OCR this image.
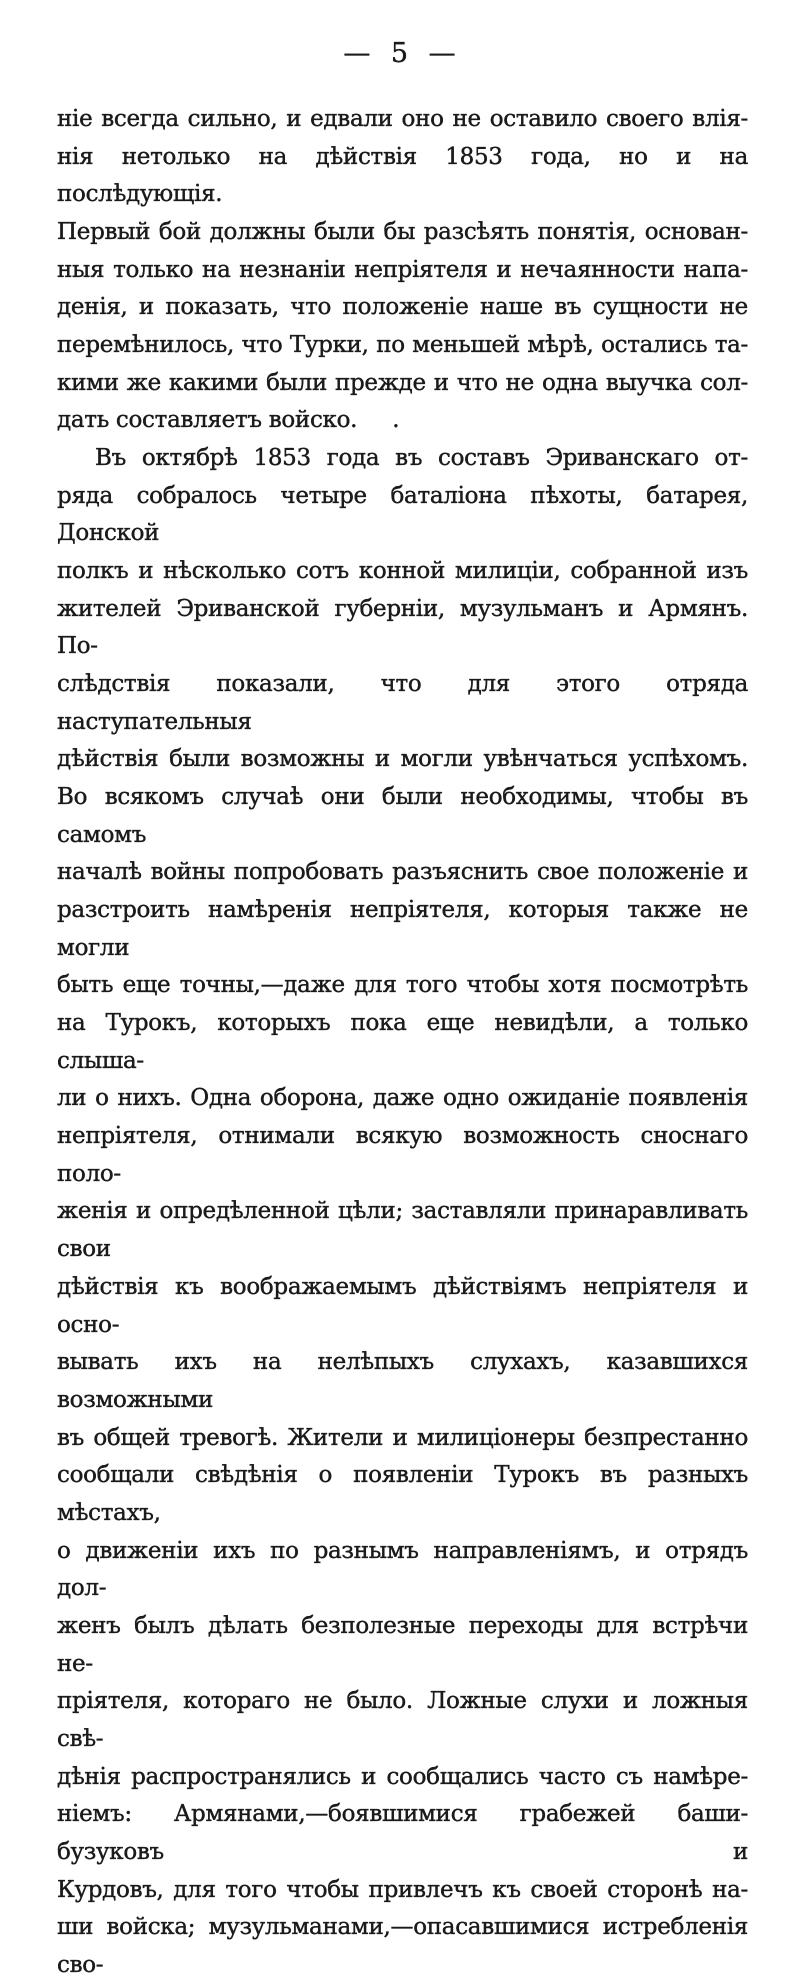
— 5 —
ніе всегда сильно, и едвали оно не оставило своего влія-
нія нетолько на дѣйствія 1853 года, но и на послѣдующія.
Первый бой должны были бы разсѣять понятія, основан-
ныя только на незнаніи непріятеля и нечаянности напа-
денія, и показать, что положеніе наше въ сущности не
перемѣнилось, что Турки, по меньшей мѣрѣ, остались та-
кими же какими были прежде и что не одна выучка сол-
дать составляетъ войско.     .
Въ октябрѣ 1853 года въ составъ Эриванскаго от-
ряда собралось четыре баталіона пѣхоты, батарея, Донской
полкъ и нѣсколько сотъ конной милиціи, собранной изъ
жителей Эриванской губерніи, музульманъ и Армянъ. По-
слѣдствія показали, что для этого отряда наступательныя
дѣйствія были возможны и могли увѣнчаться успѣхомъ.
Во всякомъ случаѣ они были необходимы, чтобы въ самомъ
началѣ войны попробовать разъяснить свое положеніе и
разстроить намѣренія непріятеля, которыя также не могли
быть еще точны,—даже для того чтобы хотя посмотрѣть
на Турокъ, которыхъ пока еще невидѣли, а только слыша-
ли о нихъ. Одна оборона, даже одно ожиданіе появленія
непріятеля, отнимали всякую возможность сноснаго поло-
женія и опредѣленной цѣли; заставляли принаравливать свои
дѣйствія къ воображаемымъ дѣйствіямъ непріятеля и осно-
вывать ихъ на нелѣпыхъ слухахъ, казавшихся возможными
въ общей тревогѣ. Жители и милиціонеры безпрестанно
сообщали свѣдѣнія о появленіи Турокъ въ разныхъ мѣстахъ,
о движеніи ихъ по разнымъ направленіямъ, и отрядъ дол-
женъ былъ дѣлать безполезные переходы для встрѣчи не-
пріятеля, котораго не было. Ложные слухи и ложныя свѣ-
дѣнія распространялись и сообщались часто съ намѣре-
ніемъ: Армянами,—боявшимися грабежей баши-бузуковъ и
Курдовъ, для того чтобы привлечъ къ своей сторонѣ на-
ши войска; музульманами,—опасавшимися истребленія сво-
